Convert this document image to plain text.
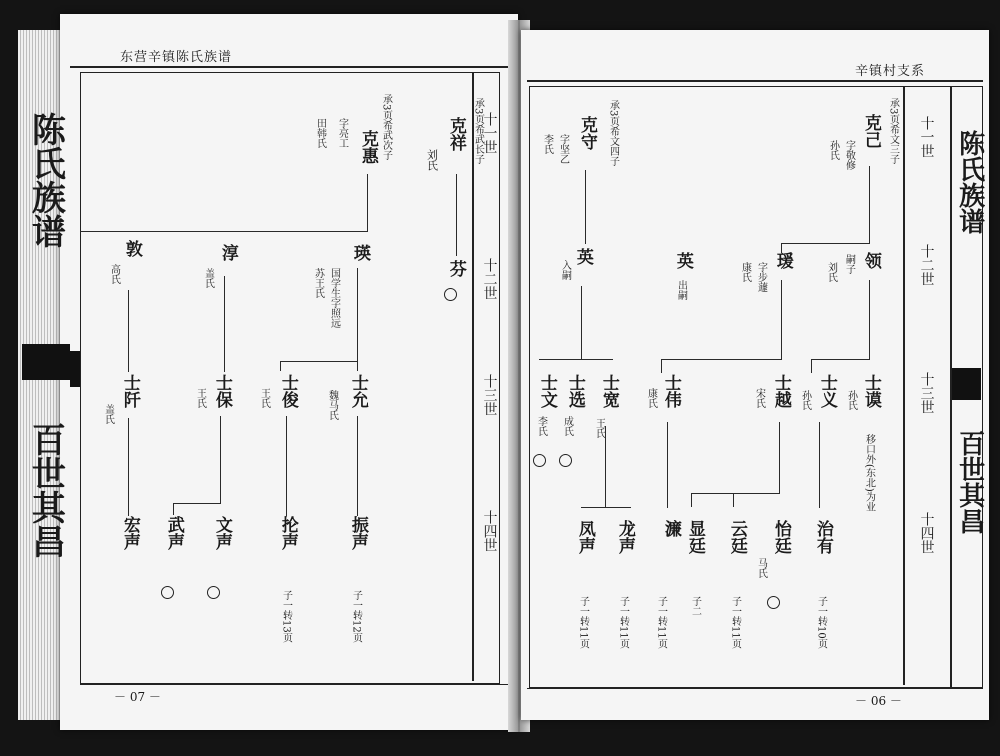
东营辛镇陈氏族谱
十一世
十二世
十三世
十四世
承3页希武长子
克祥
刘氏
承3页希武次子
克惠
字亮工
田韩氏
芬
瑛
国学生字照远
苏王氏
淳
盖氏
敦
高氏
士允
魏马氏
士俊
王氏
士保
王氏
士阡
盖氏
振声
子一转12页
抡声
子一转13页
文声
武声
宏声
－ 07 －
陈氏族谱
百世其昌
辛镇村支系
十一世
十二世
十三世
十四世
陈氏族谱
百世其昌
承3页希文三子
克己
字敬修
孙氏
承3页希文四子
克守
字坚乙
李氏
领
嗣子
刘氏
瑗
字步蘧
康氏
英
出嗣
英
入嗣
士谟
孙氏
移口外(东北)为业
士义
孙氏
士越
宋氏
士伟
康氏
士宽
王氏
士选
成氏
士文
李氏
治有
子一转10页
怡廷
马氏
云廷
子一转11页
显廷
子二
濂
子一转11页
龙声
子一转11页
凤声
子一转11页
－ 06 －
